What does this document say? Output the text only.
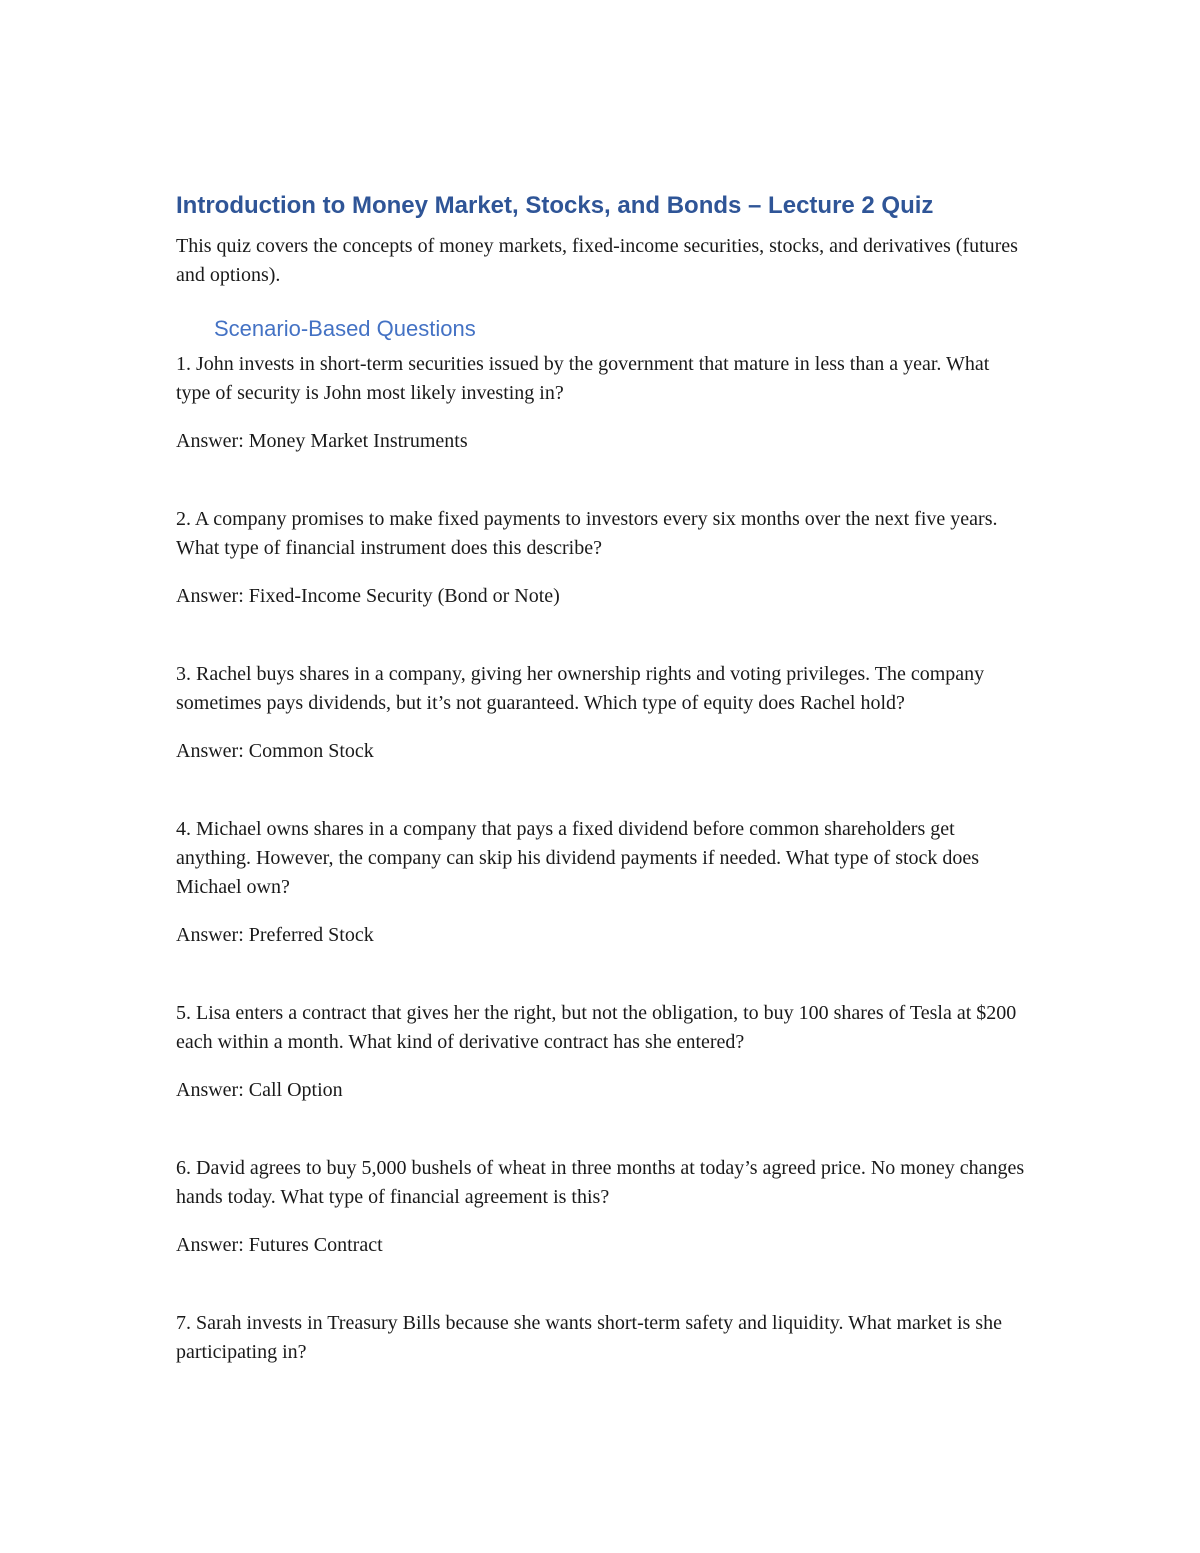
Introduction to Money Market, Stocks, and Bonds – Lecture 2 Quiz

This quiz covers the concepts of money markets, fixed-income securities, stocks, and derivatives (futures and options).

Scenario-Based Questions

1. John invests in short-term securities issued by the government that mature in less than a year. What type of security is John most likely investing in?

Answer: Money Market Instruments

2. A company promises to make fixed payments to investors every six months over the next five years. What type of financial instrument does this describe?

Answer: Fixed-Income Security (Bond or Note)

3. Rachel buys shares in a company, giving her ownership rights and voting privileges. The company sometimes pays dividends, but it’s not guaranteed. Which type of equity does Rachel hold?

Answer: Common Stock

4. Michael owns shares in a company that pays a fixed dividend before common shareholders get anything. However, the company can skip his dividend payments if needed. What type of stock does Michael own?

Answer: Preferred Stock

5. Lisa enters a contract that gives her the right, but not the obligation, to buy 100 shares of Tesla at $200 each within a month. What kind of derivative contract has she entered?

Answer: Call Option

6. David agrees to buy 5,000 bushels of wheat in three months at today’s agreed price. No money changes hands today. What type of financial agreement is this?

Answer: Futures Contract

7. Sarah invests in Treasury Bills because she wants short-term safety and liquidity. What market is she participating in?
